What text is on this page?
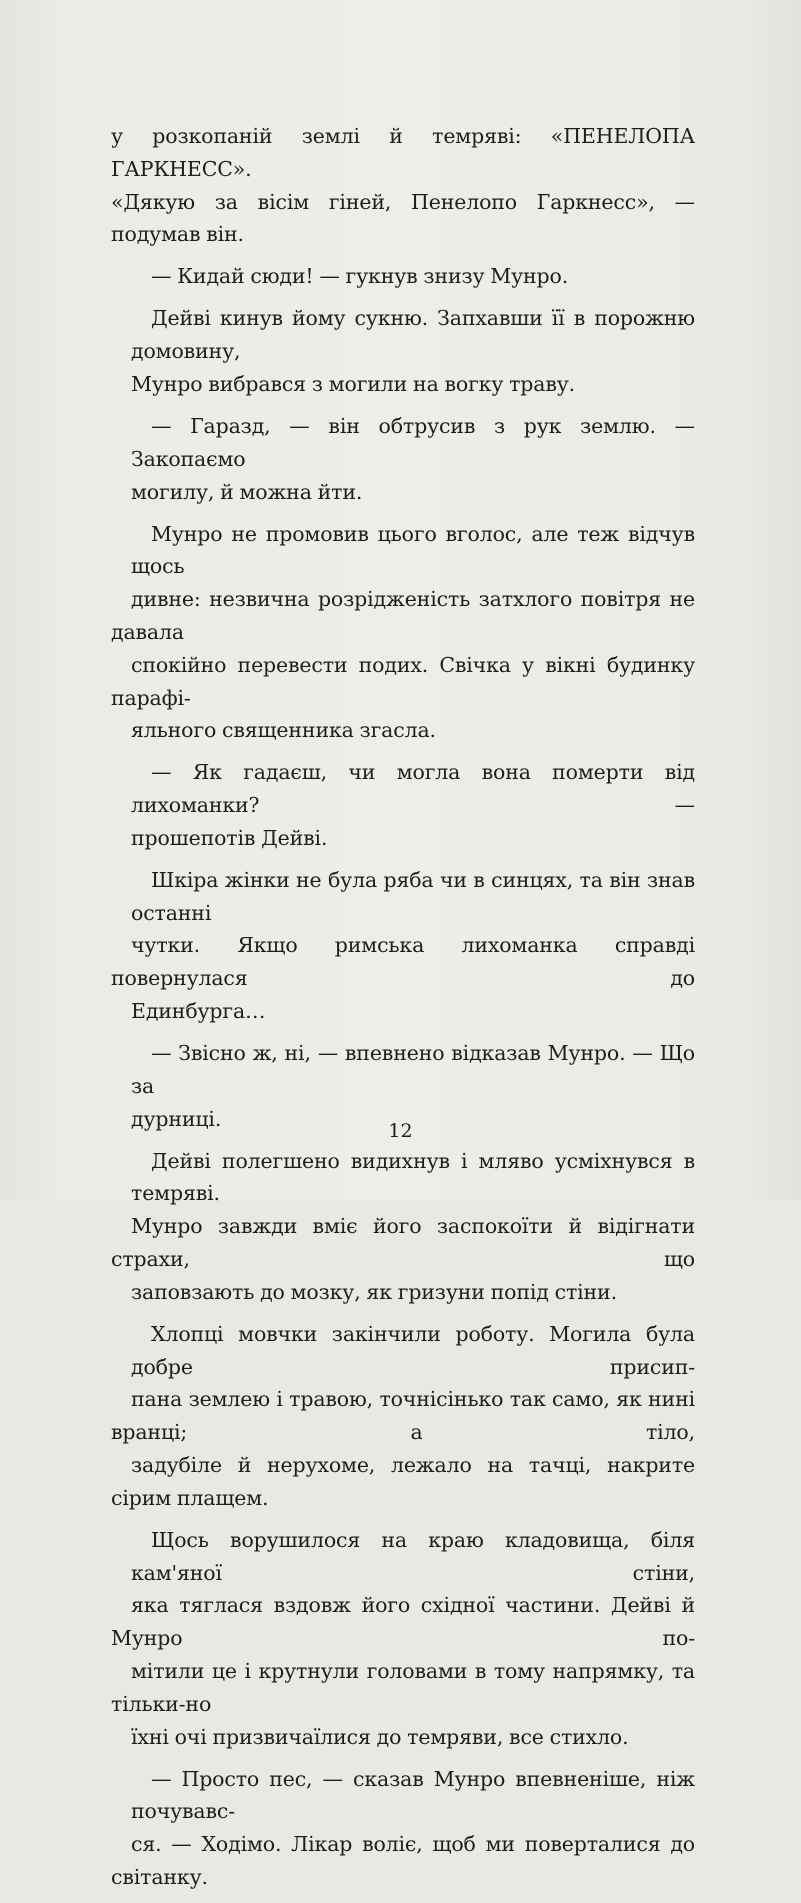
у розкопаній землі й темряві: «ПЕНЕЛОПА ГАРКНЕСС».
«Дякую за вісім гіней, Пенелопо Гаркнесс», — подумав він.
— Кидай сюди! — гукнув знизу Мунро.
Дейві кинув йому сукню. Запхавши її в порожню домовину,
Мунро вибрався з могили на вогку траву.
— Гаразд, — він обтрусив з рук землю. — Закопаємо
могилу, й можна йти.
Мунро не промовив цього вголос, але теж відчув щось
дивне: незвична розрідженість затхлого повітря не давала
спокійно перевести подих. Свічка у вікні будинку парафі-
яльного священника згасла.
— Як гадаєш, чи могла вона померти від лихоманки? —
прошепотів Дейві.
Шкіра жінки не була ряба чи в синцях, та він знав останні
чутки. Якщо римська лихоманка справді повернулася до
Единбурга…
— Звісно ж, ні, — впевнено відказав Мунро. — Що за
дурниці.
Дейві полегшено видихнув і мляво усміхнувся в темряві.
Мунро завжди вміє його заспокоїти й відігнати страхи, що
заповзають до мозку, як гризуни попід стіни.
Хлопці мовчки закінчили роботу. Могила була добре присип-
пана землею і травою, точнісінько так само, як нині вранці; а тіло,
задубіле й нерухоме, лежало на тачці, накрите сірим плащем.
Щось ворушилося на краю кладовища, біля кам'яної стіни,
яка тяглася вздовж його східної частини. Дейві й Мунро по-
мітили це і крутнули головами в тому напрямку, та тільки-но
їхні очі призвичаїлися до темряви, все стихло.
— Просто пес, — сказав Мунро впевненіше, ніж почувавс-
ся. — Ходімо. Лікар воліє, щоб ми поверталися до світанку.
12
